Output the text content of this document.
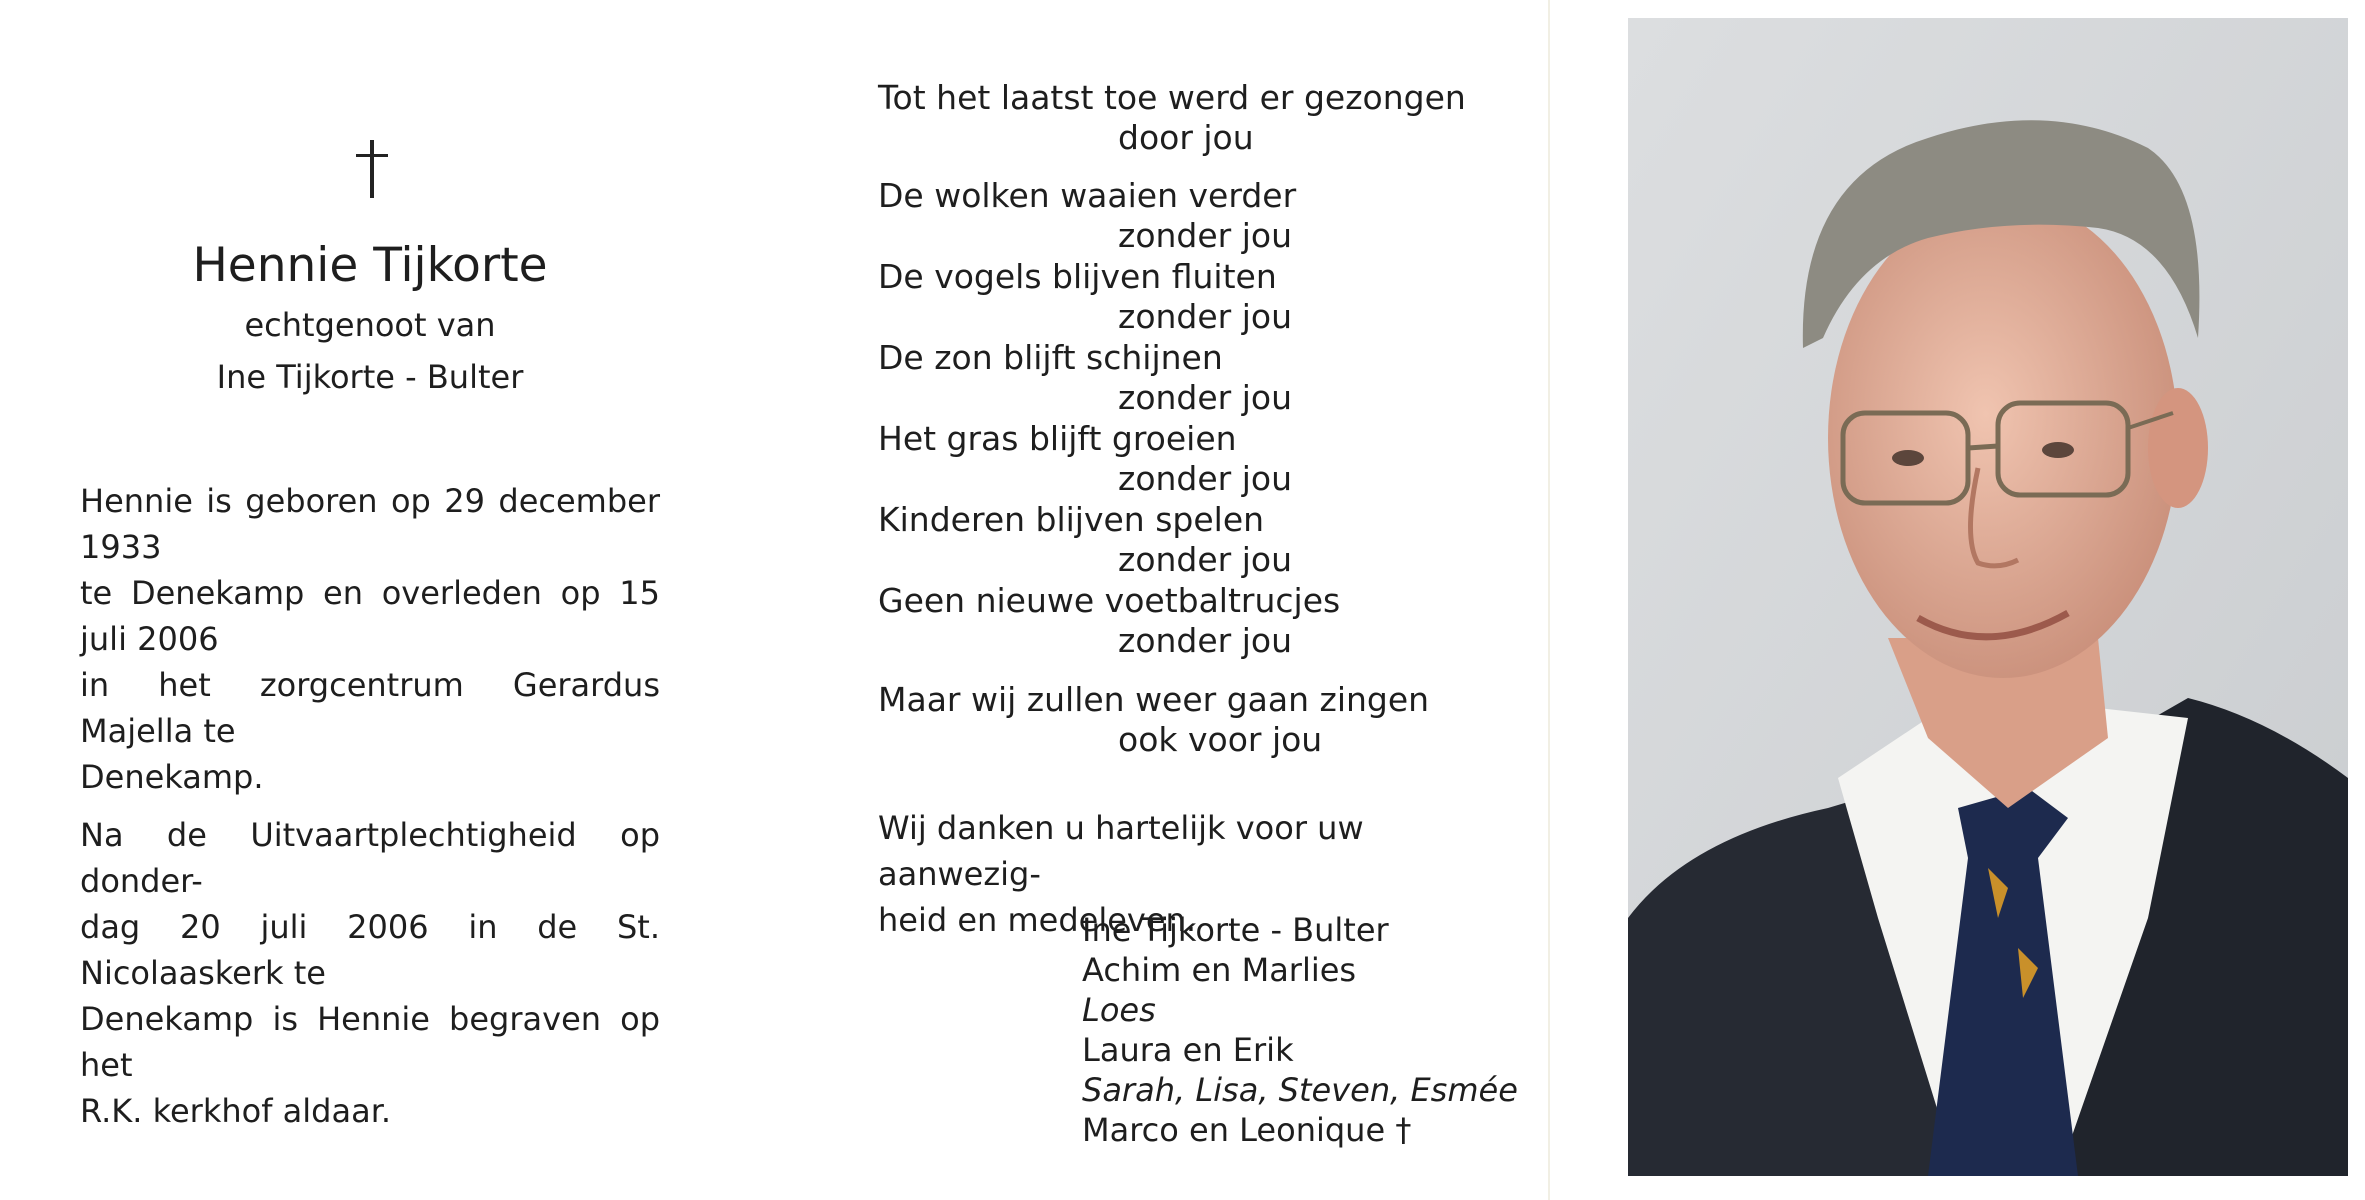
Hennie Tijkorte
echtgenoot van
Ine Tijkorte - Bulter
Hennie is geboren op 29 december 1933
te Denekamp en overleden op 15 juli 2006
in het zorgcentrum Gerardus Majella te
Denekamp.
Na de Uitvaartplechtigheid op donder-
dag 20 juli 2006 in de St. Nicolaaskerk te
Denekamp is Hennie begraven op het
R.K. kerkhof aldaar.
Tot het laatst toe werd er gezongen
door jou
De wolken waaien verder
zonder jou
De vogels blijven fluiten
zonder jou
De zon blijft schijnen
zonder jou
Het gras blijft groeien
zonder jou
Kinderen blijven spelen
zonder jou
Geen nieuwe voetbaltrucjes
zonder jou
Maar wij zullen weer gaan zingen
ook voor jou
Wij danken u hartelijk voor uw aanwezig-
heid en medeleven.
Ine Tijkorte - Bulter
Achim en Marlies
Loes
Laura en Erik
Sarah, Lisa, Steven, Esmée
Marco en Leonique †
